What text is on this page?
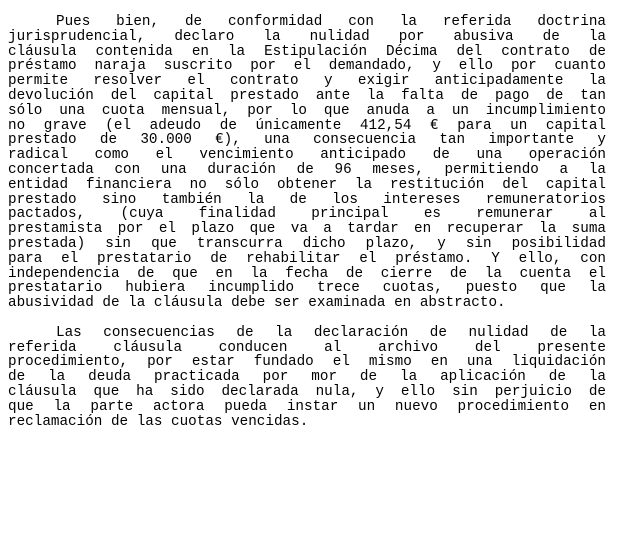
Pues bien, de conformidad con la referida doctrina
jurisprudencial, declaro la nulidad por abusiva de la
cláusula contenida en la Estipulación Décima del contrato de
préstamo naraja suscrito por el demandado, y ello por cuanto
permite resolver el contrato y exigir anticipadamente la
devolución del capital prestado ante la falta de pago de tan
sólo una cuota mensual, por lo que anuda a un incumplimiento
no grave (el adeudo de únicamente 412,54 € para un capital
prestado de 30.000 €), una consecuencia tan importante y
radical como el vencimiento anticipado de una operación
concertada con una duración de 96 meses, permitiendo a la
entidad financiera no sólo obtener la restitución del capital
prestado sino también la de los intereses remuneratorios
pactados, (cuya finalidad principal es remunerar al
prestamista por el plazo que va a tardar en recuperar la suma
prestada) sin que transcurra dicho plazo, y sin posibilidad
para el prestatario de rehabilitar el préstamo. Y ello, con
independencia de que en la fecha de cierre de la cuenta el
prestatario hubiera incumplido trece cuotas, puesto que la
abusividad de la cláusula debe ser examinada en abstracto.

Las consecuencias de la declaración de nulidad de la
referida cláusula conducen al archivo del presente
procedimiento, por estar fundado el mismo en una liquidación
de la deuda practicada por mor de la aplicación de la
cláusula que ha sido declarada nula, y ello sin perjuicio de
que la parte actora pueda instar un nuevo procedimiento en
reclamación de las cuotas vencidas.
